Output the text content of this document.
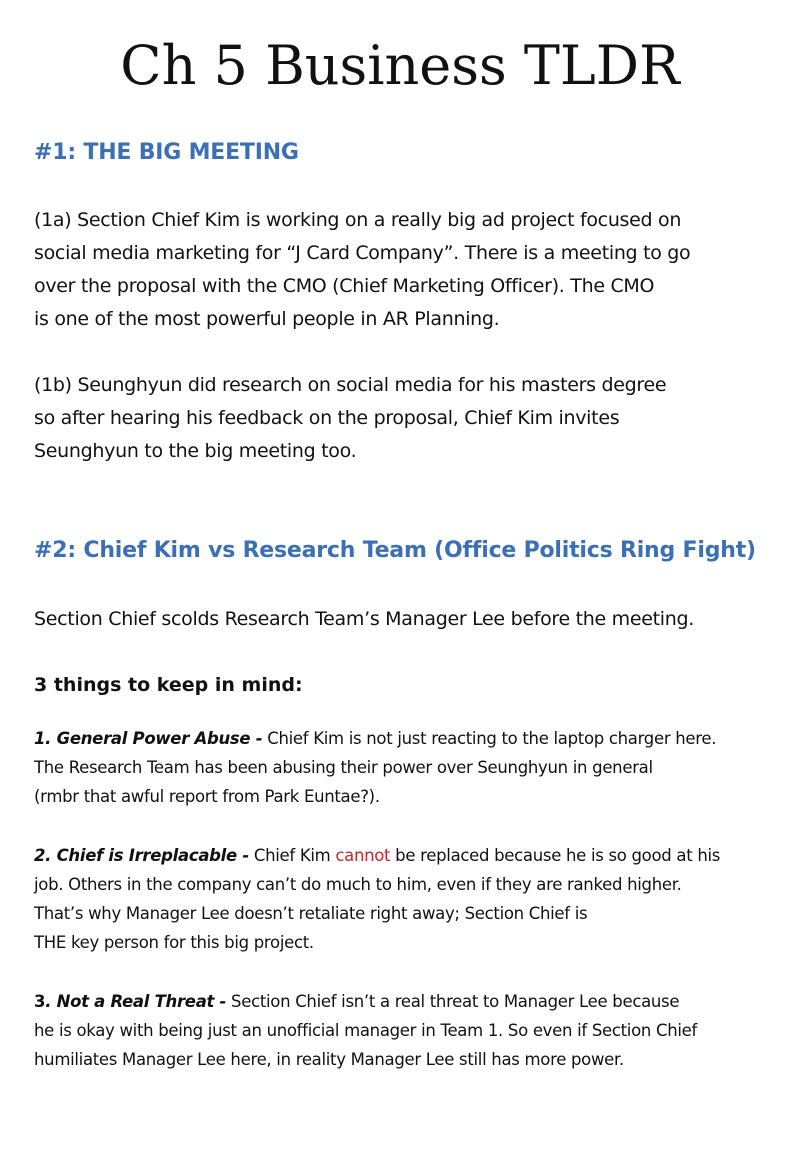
Ch 5 Business TLDR
#1: THE BIG MEETING

(1a) Section Chief Kim is working on a really big ad project focused on
social media marketing for “J Card Company”. There is a meeting to go
over the proposal with the CMO (Chief Marketing Officer). The CMO
is one of the most powerful people in AR Planning.

(1b) Seunghyun did research on social media for his masters degree
so after hearing his feedback on the proposal, Chief Kim invites
Seunghyun to the big meeting too.

#2: Chief Kim vs Research Team (Office Politics Ring Fight)

Section Chief scolds Research Team’s Manager Lee before the meeting.

3 things to keep in mind:

1. General Power Abuse - Chief Kim is not just reacting to the laptop charger here.
The Research Team has been abusing their power over Seunghyun in general
(rmbr that awful report from Park Euntae?).

2. Chief is Irreplacable - Chief Kim cannot be replaced because he is so good at his
job. Others in the company can’t do much to him, even if they are ranked higher.
That’s why Manager Lee doesn’t retaliate right away; Section Chief is
THE key person for this big project.

3. Not a Real Threat - Section Chief isn’t a real threat to Manager Lee because
he is okay with being just an unofficial manager in Team 1. So even if Section Chief
humiliates Manager Lee here, in reality Manager Lee still has more power.
